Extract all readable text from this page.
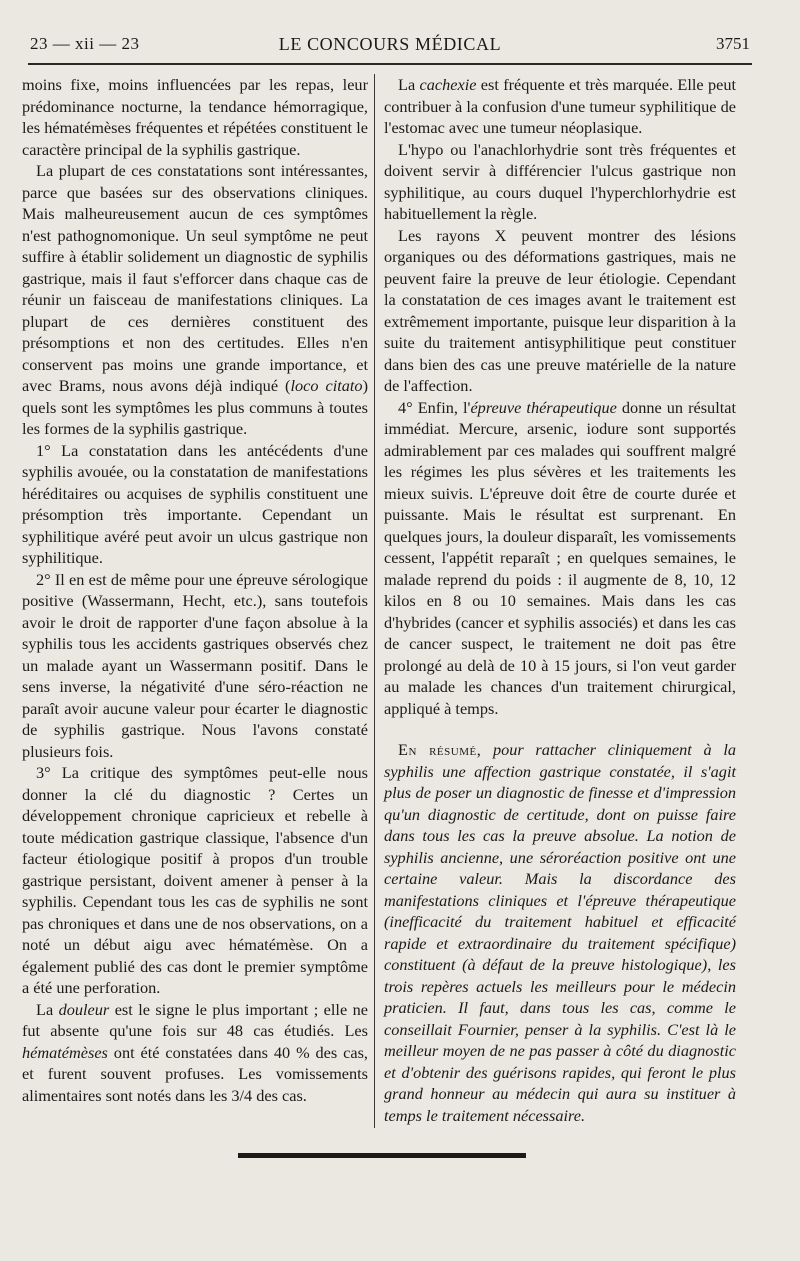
23 — xii — 23	LE CONCOURS MÉDICAL	3751

moins fixe, moins influencées par les repas, leur prédominance nocturne, la tendance hémorragique, les hématémèses fréquentes et répétées constituent le caractère principal de la syphilis gastrique.

La plupart de ces constatations sont intéressantes, parce que basées sur des observations cliniques. Mais malheureusement aucun de ces symptômes n'est pathognomonique. Un seul symptôme ne peut suffire à établir solidement un diagnostic de syphilis gastrique, mais il faut s'efforcer dans chaque cas de réunir un faisceau de manifestations cliniques. La plupart de ces dernières constituent des présomptions et non des certitudes. Elles n'en conservent pas moins une grande importance, et avec Brams, nous avons déjà indiqué (loco citato) quels sont les symptômes les plus communs à toutes les formes de la syphilis gastrique.

1° La constatation dans les antécédents d'une syphilis avouée, ou la constatation de manifestations héréditaires ou acquises de syphilis constituent une présomption très importante. Cependant un syphilitique avéré peut avoir un ulcus gastrique non syphilitique.

2° Il en est de même pour une épreuve sérologique positive (Wassermann, Hecht, etc.), sans toutefois avoir le droit de rapporter d'une façon absolue à la syphilis tous les accidents gastriques observés chez un malade ayant un Wassermann positif. Dans le sens inverse, la négativité d'une séro-réaction ne paraît avoir aucune valeur pour écarter le diagnostic de syphilis gastrique. Nous l'avons constaté plusieurs fois.

3° La critique des symptômes peut-elle nous donner la clé du diagnostic ? Certes un développement chronique capricieux et rebelle à toute médication gastrique classique, l'absence d'un facteur étiologique positif à propos d'un trouble gastrique persistant, doivent amener à penser à la syphilis. Cependant tous les cas de syphilis ne sont pas chroniques et dans une de nos observations, on a noté un début aigu avec hématémèse. On a également publié des cas dont le premier symptôme a été une perforation.

La douleur est le signe le plus important ; elle ne fut absente qu'une fois sur 48 cas étudiés. Les hématémèses ont été constatées dans 40 % des cas, et furent souvent profuses. Les vomissements alimentaires sont notés dans les 3/4 des cas.

La cachexie est fréquente et très marquée. Elle peut contribuer à la confusion d'une tumeur syphilitique de l'estomac avec une tumeur néoplasique.

L'hypo ou l'anachlorhydrie sont très fréquentes et doivent servir à différencier l'ulcus gastrique non syphilitique, au cours duquel l'hyperchlorhydrie est habituellement la règle.

Les rayons X peuvent montrer des lésions organiques ou des déformations gastriques, mais ne peuvent faire la preuve de leur étiologie. Cependant la constatation de ces images avant le traitement est extrêmement importante, puisque leur disparition à la suite du traitement antisyphilitique peut constituer dans bien des cas une preuve matérielle de la nature de l'affection.

4° Enfin, l'épreuve thérapeutique donne un résultat immédiat. Mercure, arsenic, iodure sont supportés admirablement par ces malades qui souffrent malgré les régimes les plus sévères et les traitements les mieux suivis. L'épreuve doit être de courte durée et puissante. Mais le résultat est surprenant. En quelques jours, la douleur disparaît, les vomissements cessent, l'appétit reparaît ; en quelques semaines, le malade reprend du poids : il augmente de 8, 10, 12 kilos en 8 ou 10 semaines. Mais dans les cas d'hybrides (cancer et syphilis associés) et dans les cas de cancer suspect, le traitement ne doit pas être prolongé au delà de 10 à 15 jours, si l'on veut garder au malade les chances d'un traitement chirurgical, appliqué à temps.

En résumé, pour rattacher cliniquement à la syphilis une affection gastrique constatée, il s'agit plus de poser un diagnostic de finesse et d'impression qu'un diagnostic de certitude, dont on puisse faire dans tous les cas la preuve absolue. La notion de syphilis ancienne, une séroréaction positive ont une certaine valeur. Mais la discordance des manifestations cliniques et l'épreuve thérapeutique (inefficacité du traitement habituel et efficacité rapide et extraordinaire du traitement spécifique) constituent (à défaut de la preuve histologique), les trois repères actuels les meilleurs pour le médecin praticien. Il faut, dans tous les cas, comme le conseillait Fournier, penser à la syphilis. C'est là le meilleur moyen de ne pas passer à côté du diagnostic et d'obtenir des guérisons rapides, qui feront le plus grand honneur au médecin qui aura su instituer à temps le traitement nécessaire.
